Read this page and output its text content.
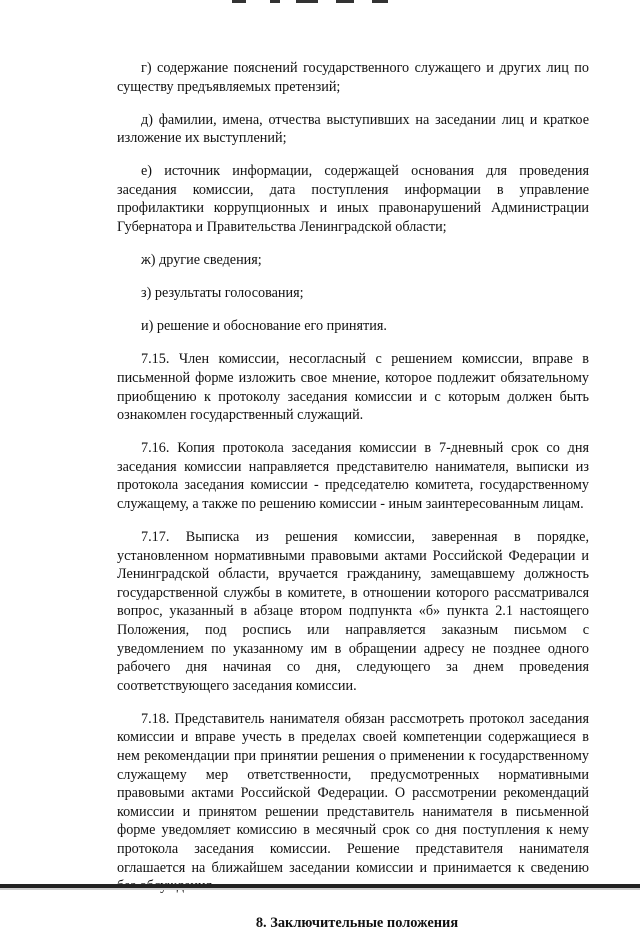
г) содержание пояснений государственного служащего и других лиц по существу предъявляемых претензий;

д) фамилии, имена, отчества выступивших на заседании лиц и краткое изложение их выступлений;

е) источник информации, содержащей основания для проведения заседания комиссии, дата поступления информации в управление профилактики коррупционных и иных правонарушений Администрации Губернатора и Правительства Ленинградской области;

ж) другие сведения;

з) результаты голосования;

и) решение и обоснование его принятия.

7.15. Член комиссии, несогласный с решением комиссии, вправе в письменной форме изложить свое мнение, которое подлежит обязательному приобщению к протоколу заседания комиссии и с которым должен быть ознакомлен государственный служащий.

7.16. Копия протокола заседания комиссии в 7-дневный срок со дня заседания комиссии направляется представителю нанимателя, выписки из протокола заседания комиссии - председателю комитета, государственному служащему, а также по решению комиссии - иным заинтересованным лицам.

7.17. Выписка из решения комиссии, заверенная в порядке, установленном нормативными правовыми актами Российской Федерации и Ленинградской области, вручается гражданину, замещавшему должность государственной службы в комитете, в отношении которого рассматривался вопрос, указанный в абзаце втором подпункта «б» пункта 2.1 настоящего Положения, под роспись или направляется заказным письмом с уведомлением по указанному им в обращении адресу не позднее одного рабочего дня начиная со дня, следующего за днем проведения соответствующего заседания комиссии.

7.18. Представитель нанимателя обязан рассмотреть протокол заседания комиссии и вправе учесть в пределах своей компетенции содержащиеся в нем рекомендации при принятии решения о применении к государственному служащему мер ответственности, предусмотренных нормативными правовыми актами Российской Федерации. О рассмотрении рекомендаций комиссии и принятом решении представитель нанимателя в письменной форме уведомляет комиссию в месячный срок со дня поступления к нему протокола заседания комиссии. Решение представителя нанимателя оглашается на ближайшем заседании комиссии и принимается к сведению

8. Заключительные положения
